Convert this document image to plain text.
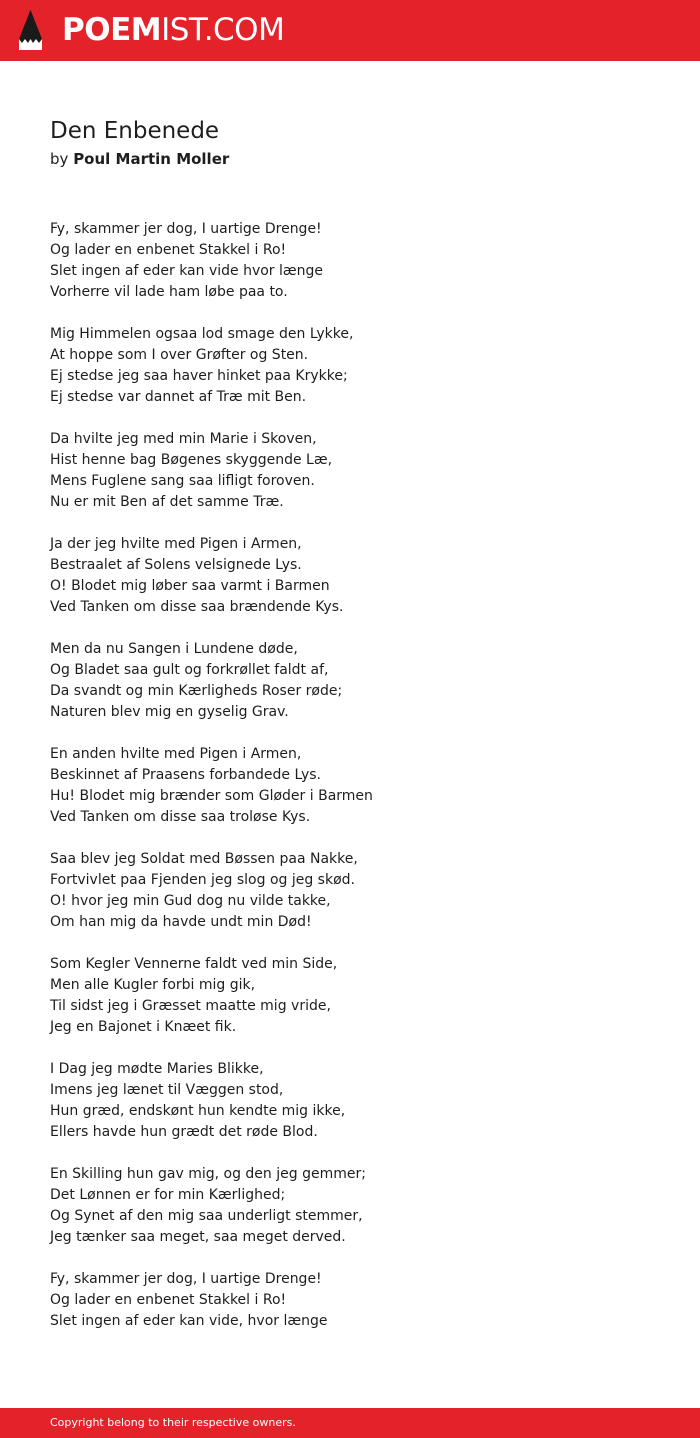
POEMIST.COM
Den Enbenede
by Poul Martin Moller
Fy, skammer jer dog, I uartige Drenge!
Og lader en enbenet Stakkel i Ro!
Slet ingen af eder kan vide hvor længe
Vorherre vil lade ham løbe paa to.
Mig Himmelen ogsaa lod smage den Lykke,
At hoppe som I over Grøfter og Sten.
Ej stedse jeg saa haver hinket paa Krykke;
Ej stedse var dannet af Træ mit Ben.
Da hvilte jeg med min Marie i Skoven,
Hist henne bag Bøgenes skyggende Læ,
Mens Fuglene sang saa lifligt foroven.
Nu er mit Ben af det samme Træ.
Ja der jeg hvilte med Pigen i Armen,
Bestraalet af Solens velsignede Lys.
O! Blodet mig løber saa varmt i Barmen
Ved Tanken om disse saa brændende Kys.
Men da nu Sangen i Lundene døde,
Og Bladet saa gult og forkrøllet faldt af,
Da svandt og min Kærligheds Roser røde;
Naturen blev mig en gyselig Grav.
En anden hvilte med Pigen i Armen,
Beskinnet af Praasens forbandede Lys.
Hu! Blodet mig brænder som Gløder i Barmen
Ved Tanken om disse saa troløse Kys.
Saa blev jeg Soldat med Bøssen paa Nakke,
Fortvivlet paa Fjenden jeg slog og jeg skød.
O! hvor jeg min Gud dog nu vilde takke,
Om han mig da havde undt min Død!
Som Kegler Vennerne faldt ved min Side,
Men alle Kugler forbi mig gik,
Til sidst jeg i Græsset maatte mig vride,
Jeg en Bajonet i Knæet fik.
I Dag jeg mødte Maries Blikke,
Imens jeg lænet til Væggen stod,
Hun græd, endskønt hun kendte mig ikke,
Ellers havde hun grædt det røde Blod.
En Skilling hun gav mig, og den jeg gemmer;
Det Lønnen er for min Kærlighed;
Og Synet af den mig saa underligt stemmer,
Jeg tænker saa meget, saa meget derved.
Fy, skammer jer dog, I uartige Drenge!
Og lader en enbenet Stakkel i Ro!
Slet ingen af eder kan vide, hvor længe
Copyright belong to their respective owners.
